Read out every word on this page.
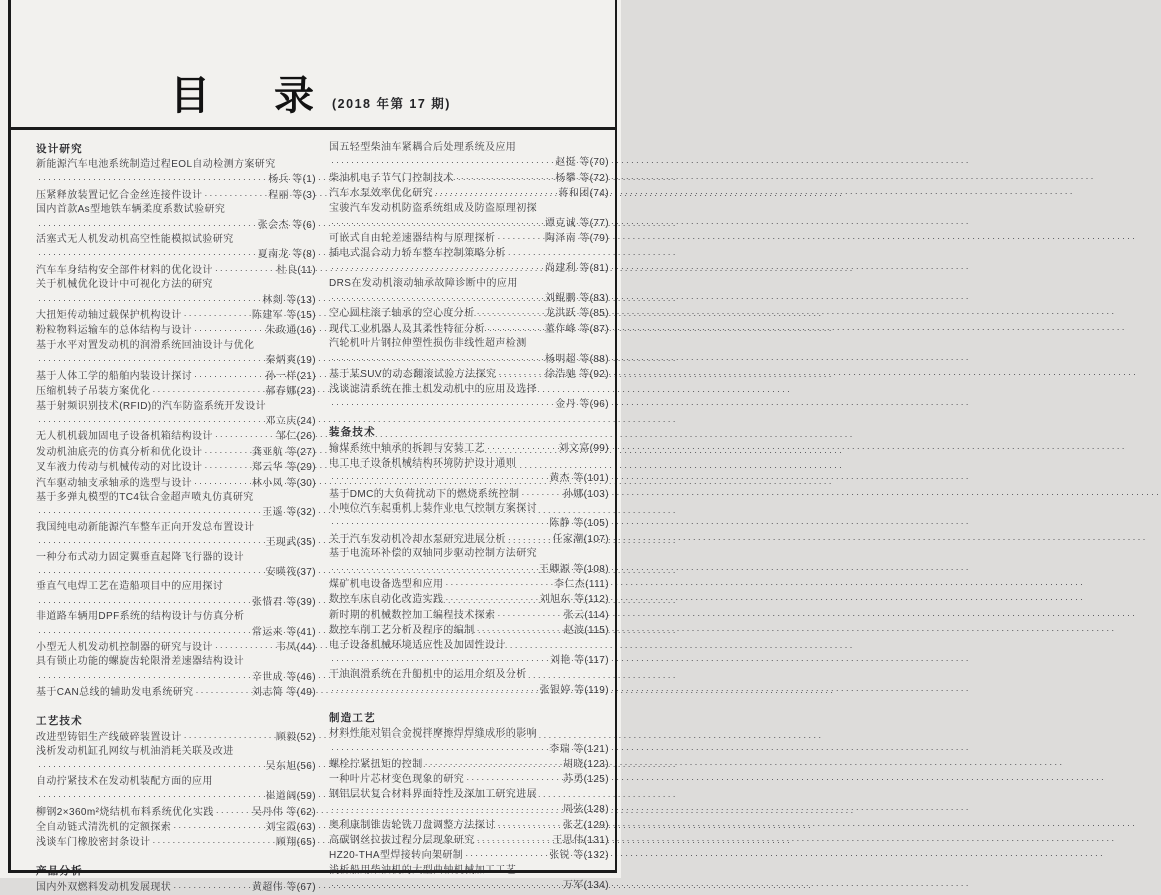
目　录 (2018 年第 17 期)
设计研究
新能源汽车电池系统制造过程EOL自动检测方案研究
·····
杨兵 等(1)
压紧释放装置记忆合金丝连接件设计 ·····	程丽 等(3)
国内首款As型地铁车辆柔度系数试验研究
·····
张会杰 等(6)
活塞式无人机发动机高空性能模拟试验研究
·····
夏南龙 等(8)
汽车车身结构安全部件材料的优化设计 ·····	杜良(11)
关于机械优化设计中可视化方法的研究
·····
林剡 等(13)
大扭矩传动轴过载保护机构设计 ·····	陈建军 等(15)
粉粒物料运输车的总体结构与设计 ·····	朱政通(16)
基于水平对置发动机的润滑系统回油设计与优化
·····
秦炳爽(19)
基于人体工学的船舶内装设计探讨 ·····	孙一样(21)
压缩机转子吊装方案优化 ·····	郝春娜(23)
基于射频识别技术(RFID)的汽车防盗系统开发设计
·····
邓立庆(24)
无人机机载加固电子设备机箱结构设计 ·····	邹仁(26)
发动机油底壳的仿真分析和优化设计 ·····	龚亚航 等(27)
叉车液力传动与机械传动的对比设计 ·····	郑云华 等(29)
汽车驱动轴支承轴承的选型与设计 ·····	林小凤 等(30)
基于多弹丸模型的TC4钛合金超声喷丸仿真研究
·····
王遥 等(32)
我国纯电动新能源汽车整车正向开发总布置设计
·····
王现武(35)
一种分布式动力固定翼垂直起降飞行器的设计
·····
安暎筏(37)
垂直气电焊工艺在造船项目中的应用探讨
·····
张惜君 等(39)
非道路车辆用DPF系统的结构设计与仿真分析
·····
常运来 等(41)
小型无人机发动机控制器的研究与设计 ·····	韦凤(44)
具有锁止功能的螺旋齿轮限滑差速器结构设计
·····
辛世成 等(46)
基于CAN总线的辅助发电系统研究 ·····	刘志简 等(49)
工艺技术
改进型铸铝生产线破碎装置设计 ·····	顾毅(52)
浅析发动机缸孔网纹与机油消耗关联及改进
·····
吴东旭(56)
自动拧紧技术在发动机装配方面的应用
·····
崔道阔(59)
柳钢2×360m²烧结机布料系统优化实践 ·····	吴丹伟 等(62)
全自动链式清洗机的定额探索 ·····	刘宝霞(63)
浅谈车门橡胶密封条设计 ·····	顾翔(65)
产品分析
国内外双燃料发动机发展现状 ·····	黄超伟 等(67)
国五轻型柴油车紧耦合后处理系统及应用
·····
赵挺 等(70)
柴油机电子节气门控制技术 ·····	杨攀 等(72)
汽车水泵效率优化研究 ·····	蒋和团(74)
宝骏汽车发动机防盗系统组成及防盗原理初探
·····
谭克诚 等(77)
可嵌式自由轮差速器结构与原理探析 ·····	陶泽南 等(79)
插电式混合动力轿车整车控制策略分析
·····
尚建利 等(81)
DRS在发动机滚动轴承故障诊断中的应用
·····
刘鲲鹏 等(83)
空心圆柱滚子轴承的空心度分析 ·····	龙洪跃 等(85)
现代工业机器人及其柔性特征分析 ·····	董作峰 等(87)
汽轮机叶片钢拉伸塑性损伤非线性超声检测
·····
杨明超 等(88)
基于某SUV的动态翻滚试验方法探究 ·····	徐浩驰 等(92)
浅谈滤清系统在推土机发动机中的应用及选择
·····
金丹 等(96)
装备技术
输煤系统中轴承的拆卸与安装工艺 ·····	刘文富(99)
电工电子设备机械结构环境防护设计通则
·····
黄杰 等(101)
基于DMC的大负荷扰动下的燃烧系统控制 ·····	孙娜(103)
小吨位汽车起重机上装作业电气控制方案探讨
·····
陈静 等(105)
关于汽车发动机冷却水泵研究进展分析 ·····	任家潮(107)
基于电流环补偿的双轴同步驱动控制方法研究
·····
王卿源 等(108)
煤矿机电设备选型和应用 ·····	李仁杰(111)
数控车床自动化改造实践 ·····	刘旭东 等(112)
新时期的机械数控加工编程技术探索 ·····	张云(114)
数控车削工艺分析及程序的编制 ·····	赵波(115)
电子设备机械环境适应性及加固性设计
·····
刘艳 等(117)
干油润滑系统在升船机中的运用介绍及分析
·····
张银婷 等(119)
制造工艺
材料性能对铝合金搅拌摩擦焊焊缝成形的影响
·····
李瑞 等(121)
螺栓拧紧扭矩的控制 ·····	胡晓(123)
一种叶片芯材变色现象的研究 ·····	苏勇(125)
钢铝层状复合材料界面特性及深加工研究进展
·····
周弦(128)
奥利康制锥齿轮铣刀盘调整方法探讨 ·····	张艺(129)
高碳钢丝拉拔过程分层现象研究 ·····	王思伟(131)
HZ20-THA型焊接转向架研制 ·····	张锐 等(132)
浅析船用柴油机的大型曲轴机械加工工艺
·····
万军(134)
